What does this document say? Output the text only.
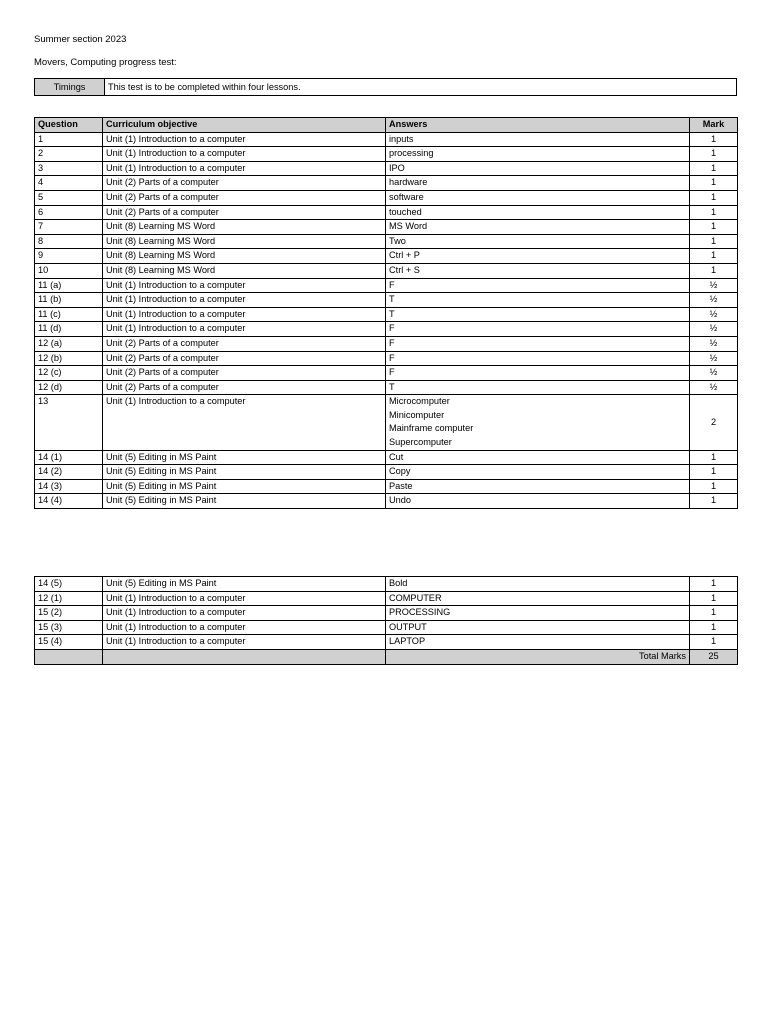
Summer section 2023
Movers, Computing progress test:
Timings	This test is to be completed within four lessons.
Question	Curriculum objective	Answers	Mark
1	Unit (1) Introduction to a computer	inputs	1
2	Unit (1) Introduction to a computer	processing	1
3	Unit (1) Introduction to a computer	IPO	1
4	Unit (2) Parts of a computer	hardware	1
5	Unit (2) Parts of a computer	software	1
6	Unit (2) Parts of a computer	touched	1
7	Unit (8) Learning MS Word	MS Word	1
8	Unit (8) Learning MS Word	Two	1
9	Unit (8) Learning MS Word	Ctrl + P	1
10	Unit (8) Learning MS Word	Ctrl + S	1
11 (a)	Unit (1) Introduction to a computer	F	½
11 (b)	Unit (1) Introduction to a computer	T	½
11 (c)	Unit (1) Introduction to a computer	T	½
11 (d)	Unit (1) Introduction to a computer	F	½
12 (a)	Unit (2) Parts of a computer	F	½
12 (b)	Unit (2) Parts of a computer	F	½
12 (c)	Unit (2) Parts of a computer	F	½
12 (d)	Unit (2) Parts of a computer	T	½
13	Unit (1) Introduction to a computer	Microcomputer
Minicomputer
Mainframe computer
Supercomputer	2
14 (1)	Unit (5) Editing in MS Paint	Cut	1
14 (2)	Unit (5) Editing in MS Paint	Copy	1
14 (3)	Unit (5) Editing in MS Paint	Paste	1
14 (4)	Unit (5) Editing in MS Paint	Undo	1
14 (5)	Unit (5) Editing in MS Paint	Bold	1
12 (1)	Unit (1) Introduction to a computer	COMPUTER	1
15 (2)	Unit (1) Introduction to a computer	PROCESSING	1
15 (3)	Unit (1) Introduction to a computer	OUTPUT	1
15 (4)	Unit (1) Introduction to a computer	LAPTOP	1
		Total Marks	25
